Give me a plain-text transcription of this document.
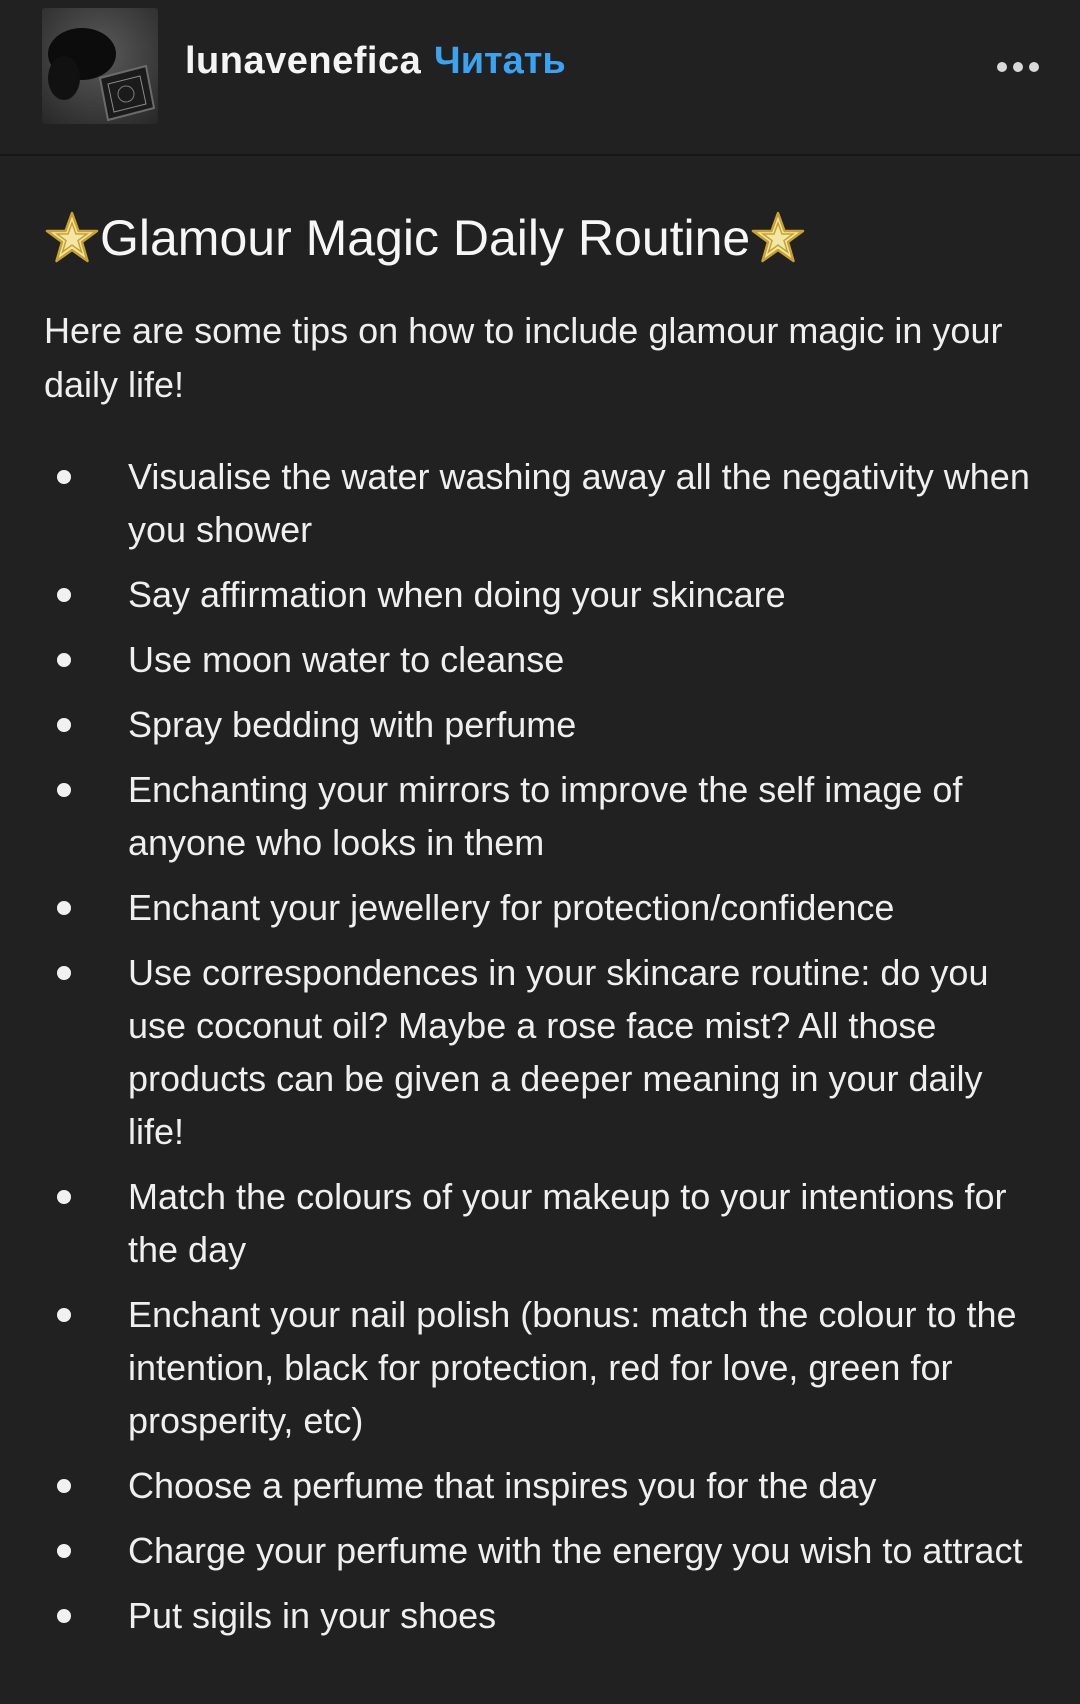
lunavenefica Читать
Glamour Magic Daily Routine

Here are some tips on how to include glamour magic in your daily life!

Visualise the water washing away all the negativity when you shower
Say affirmation when doing your skincare
Use moon water to cleanse
Spray bedding with perfume
Enchanting your mirrors to improve the self image of anyone who looks in them
Enchant your jewellery for protection/confidence
Use correspondences in your skincare routine: do you use coconut oil? Maybe a rose face mist? All those products can be given a deeper meaning in your daily life!
Match the colours of your makeup to your intentions for the day
Enchant your nail polish (bonus: match the colour to the intention, black for protection, red for love, green for prosperity, etc)
Choose a perfume that inspires you for the day
Charge your perfume with the energy you wish to attract
Put sigils in your shoes
